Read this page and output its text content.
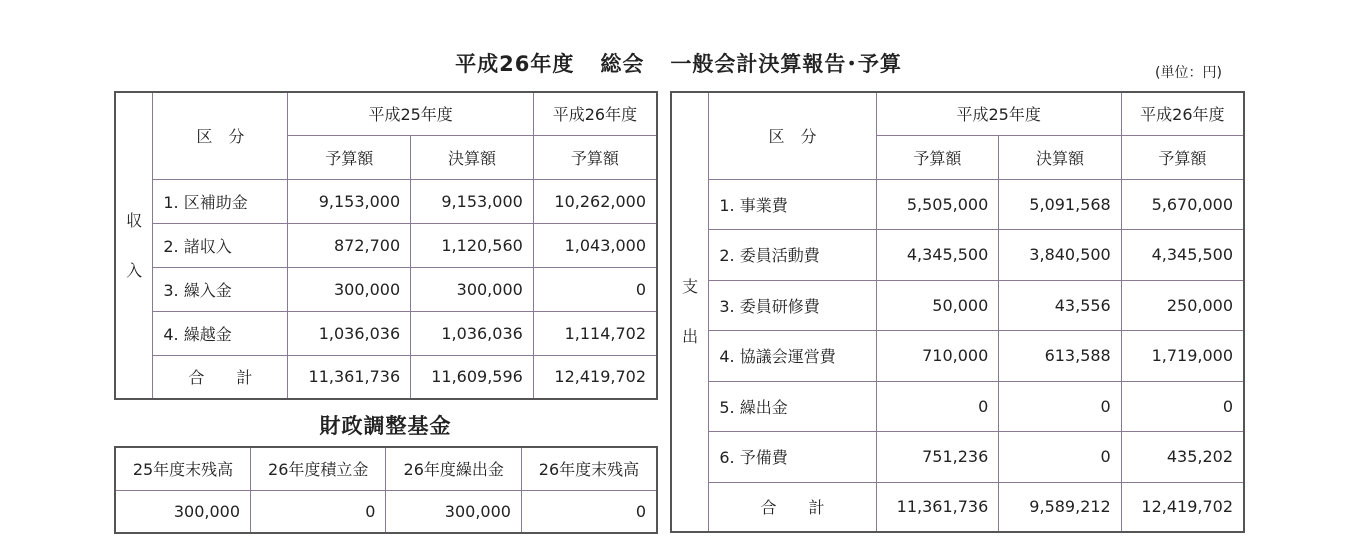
平成26年度 総会 一般会計決算報告･予算	(単位：円)
収
入	区　分	平成25年度		平成26年度
		予算額	決算額	予算額
	1. 区補助金	9,153,000	9,153,000	10,262,000
	2. 諸収入	872,700	1,120,560	1,043,000
	3. 繰入金	300,000	300,000	0
	4. 繰越金	1,036,036	1,036,036	1,114,702
	合　　計	11,361,736	11,609,596	12,419,702
財政調整基金
25年度末残高	26年度積立金	26年度繰出金	26年度末残高
300,000	0	300,000	0
支
出	区　分	平成25年度		平成26年度
		予算額	決算額	予算額
	1. 事業費	5,505,000	5,091,568	5,670,000
	2. 委員活動費	4,345,500	3,840,500	4,345,500
	3. 委員研修費	50,000	43,556	250,000
	4. 協議会運営費	710,000	613,588	1,719,000
	5. 繰出金	0	0	0
	6. 予備費	751,236	0	435,202
	合　　計	11,361,736	9,589,212	12,419,702
